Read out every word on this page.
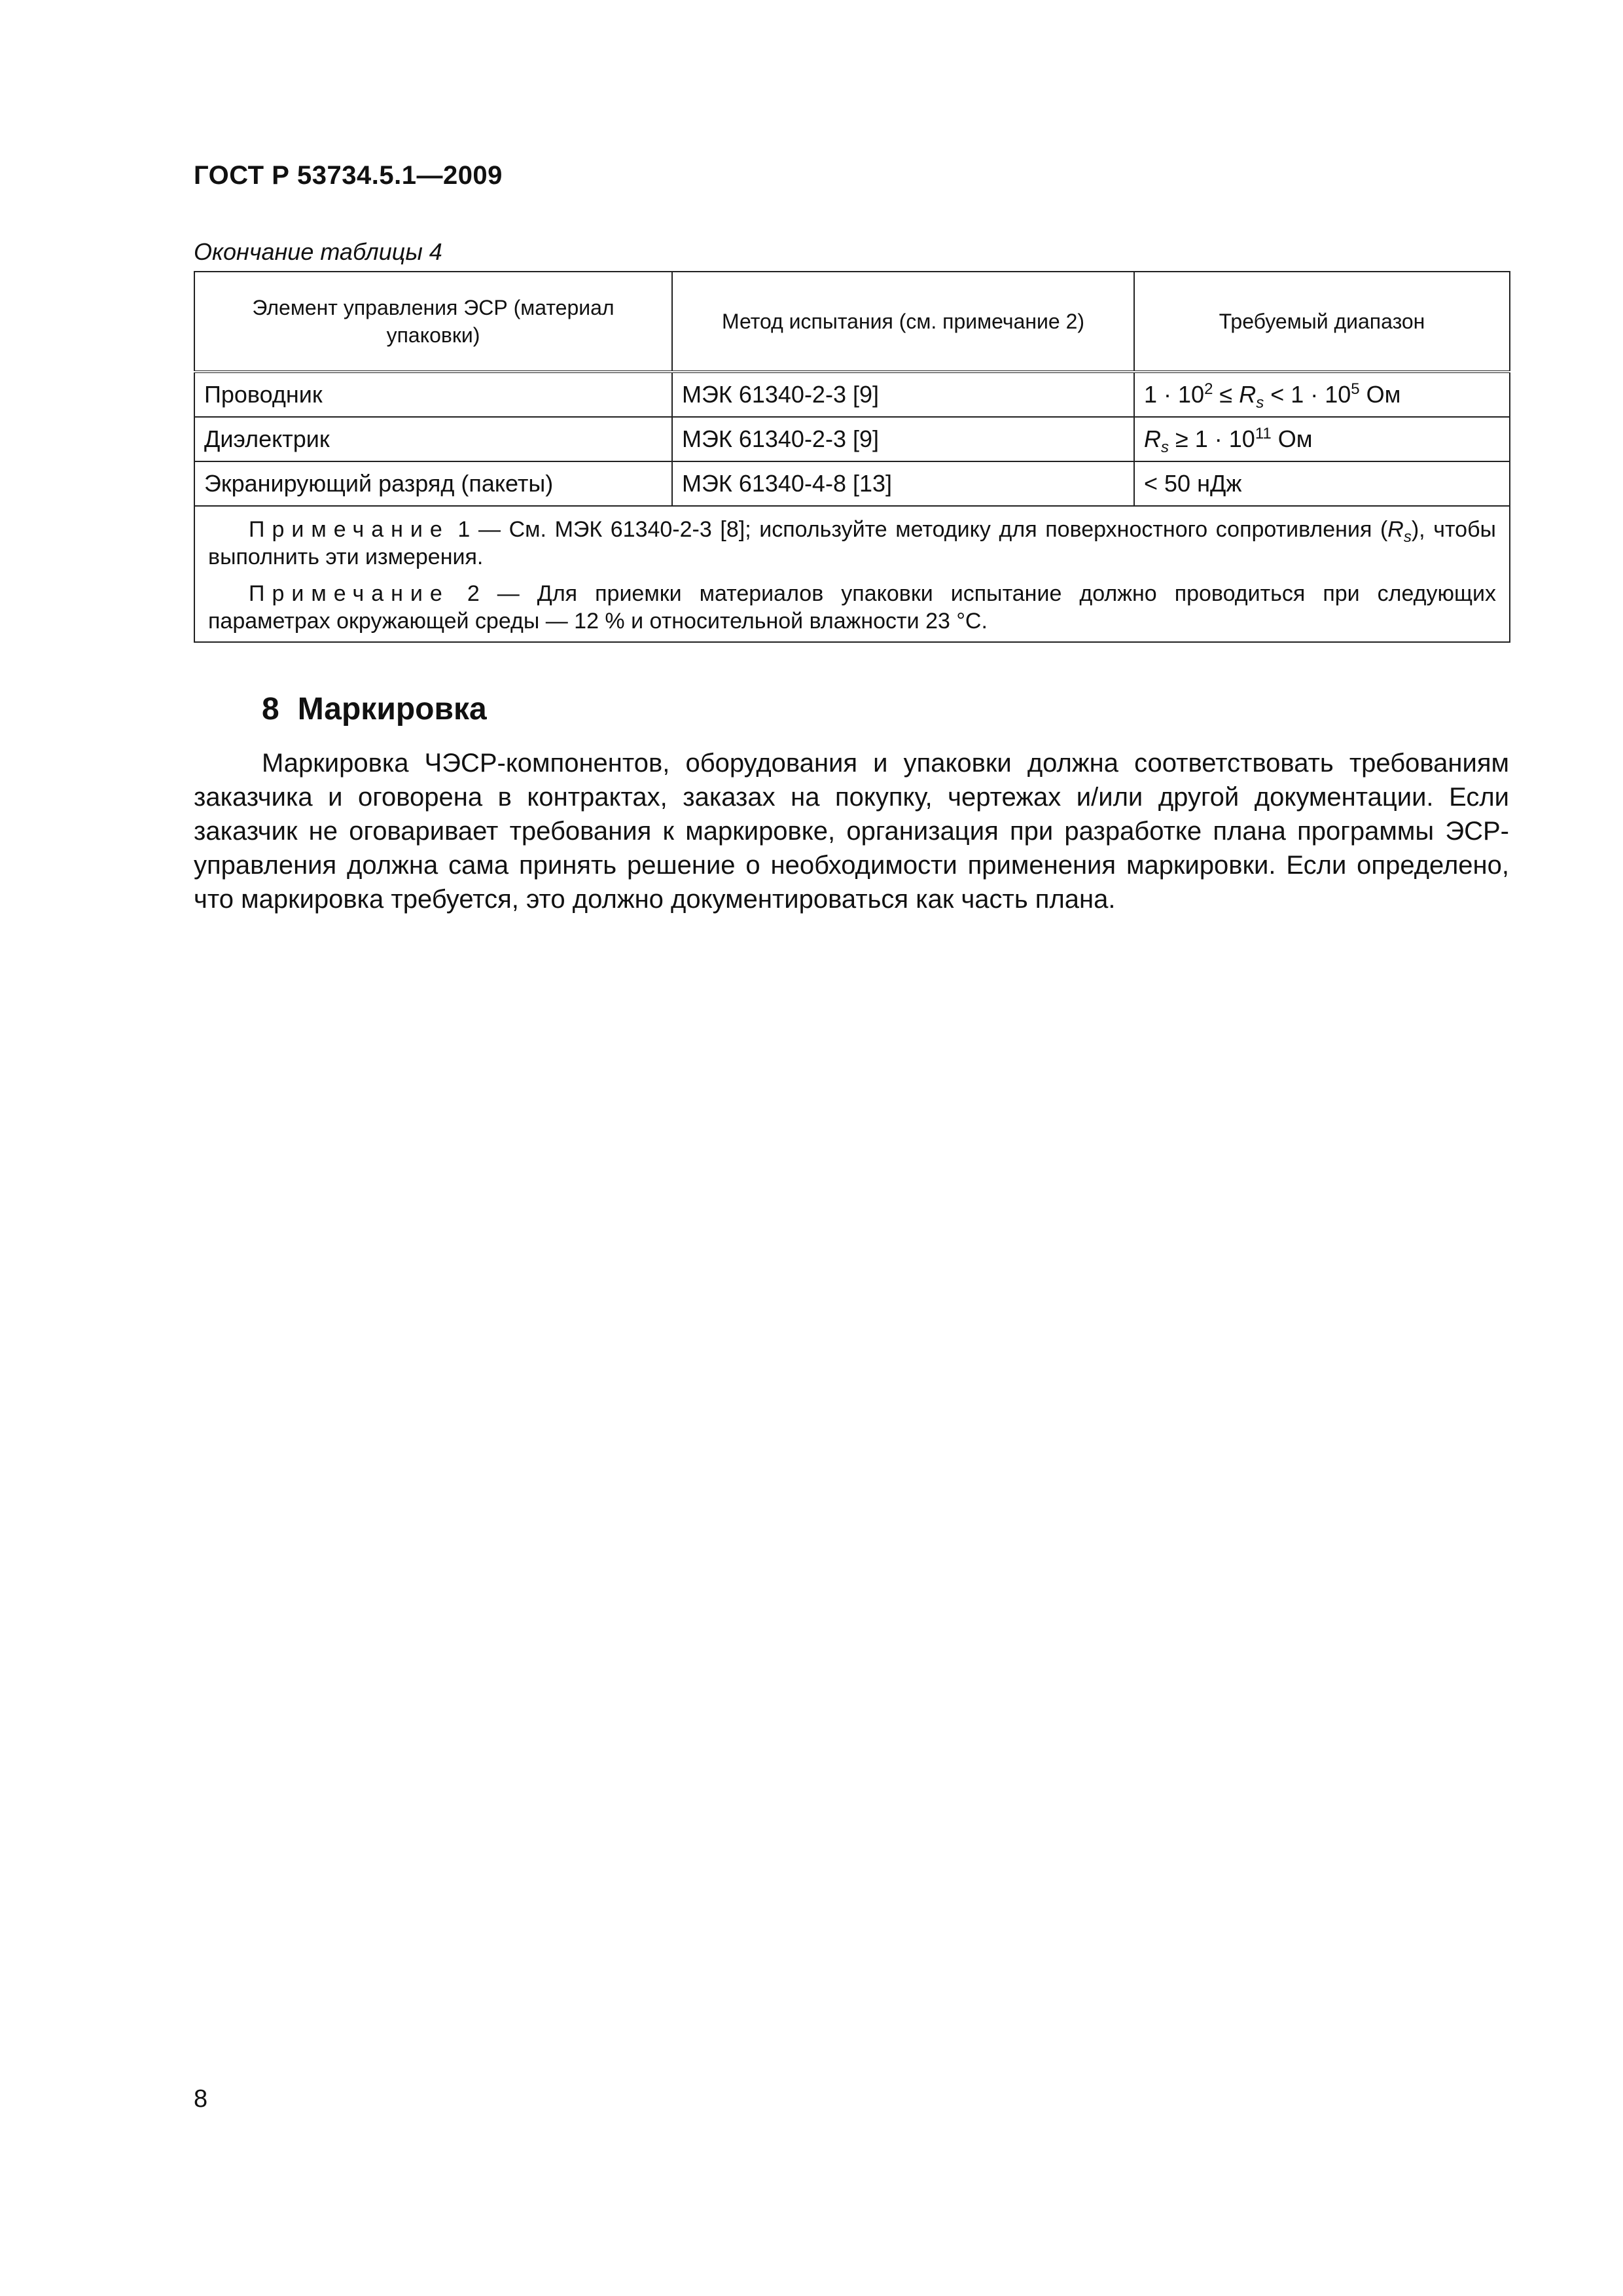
ГОСТ Р 53734.5.1—2009
Окончание таблицы 4
Элемент управления ЭСР (материал упаковки)	Метод испытания (см. примечание 2)	Требуемый диапазон
Проводник	МЭК 61340-2-3 [9]	$1 \cdot 10^2 \le R_s < 1 \cdot 10^5$ Ом
Диэлектрик	МЭК 61340-2-3 [9]	$R_s \ge 1 \cdot 10^{11}$ Ом
Экранирующий разряд (пакеты)	МЭК 61340-4-8 [13]	< 50 нДж

Примечание 1 — См. МЭК 61340-2-3 [8]; используйте методику для поверхностного сопротивления $(R_s)$, чтобы выполнить эти измерения.

Примечание 2 — Для приемки материалов упаковки испытание должно проводиться при следующих параметрах окружающей среды — 12 % и относительной влажности 23 °С.		

8 Маркировка

Маркировка ЧЭСР-компонентов, оборудования и упаковки должна соответствовать требованиям заказчика и оговорена в контрактах, заказах на покупку, чертежах и/или другой документации. Если заказчик не оговаривает требования к маркировке, организация при разработке плана программы ЭСР-управления должна сама принять решение о необходимости применения маркировки. Если определено, что маркировка требуется, это должно документироваться как часть плана.

8
